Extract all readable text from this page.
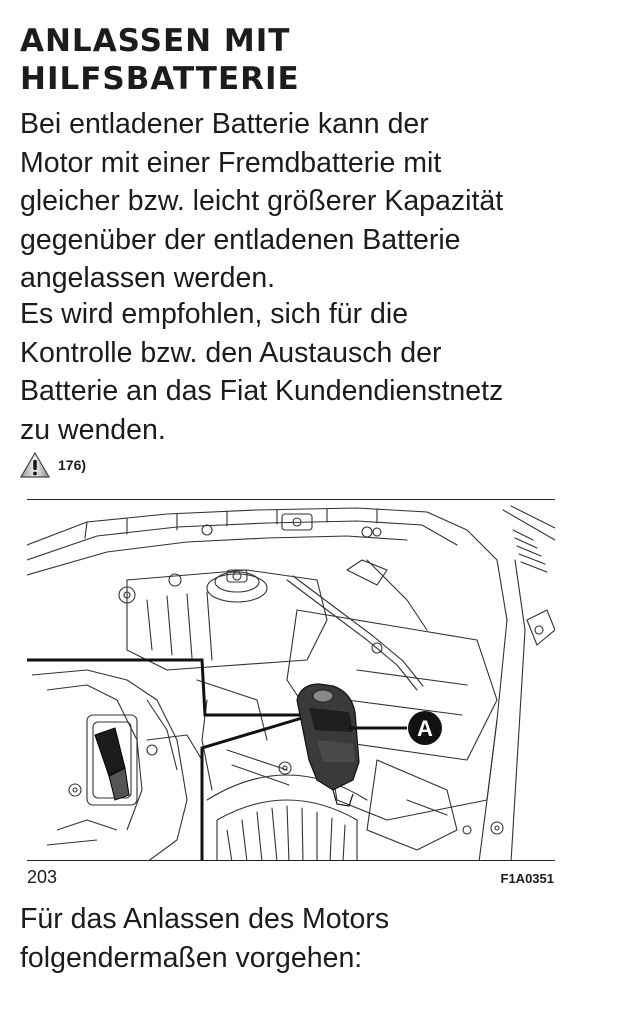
ANLASSEN MIT
HILFSBATTERIE

Bei entladener Batterie kann der
Motor mit einer Fremdbatterie mit
gleicher bzw. leicht größerer Kapazität
gegenüber der entladenen Batterie
angelassen werden.

Es wird empfohlen, sich für die
Kontrolle bzw. den Austausch der
Batterie an das Fiat Kundendienstnetz
zu wenden.

176)
A
203	F1A0351

Für das Anlassen des Motors
folgendermaßen vorgehen:
